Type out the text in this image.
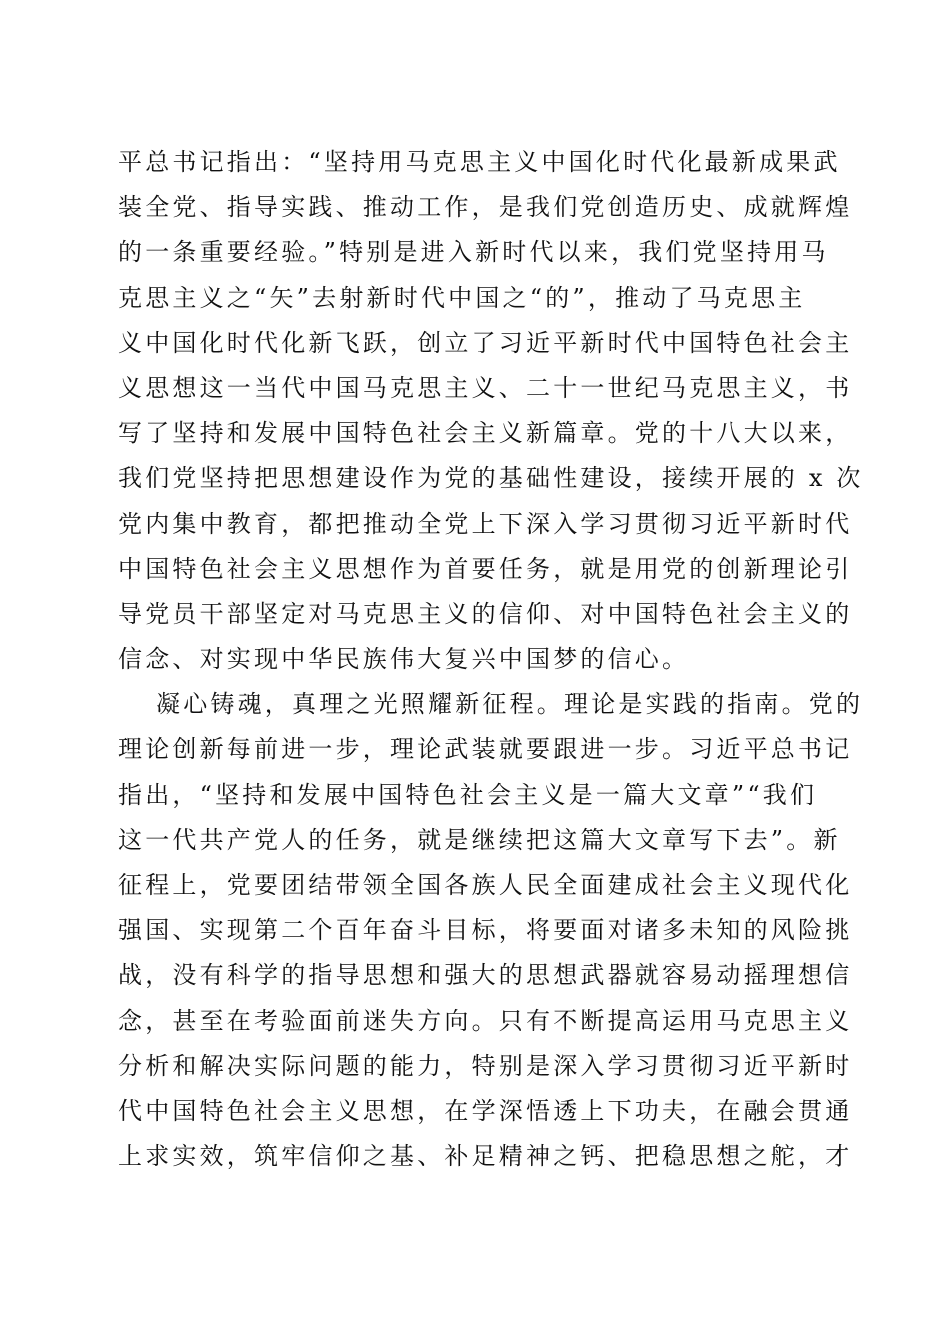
平总书记指出：“坚持用马克思主义中国化时代化最新成果武
装全党、指导实践、推动工作，是我们党创造历史、成就辉煌
的一条重要经验。”特别是进入新时代以来，我们党坚持用马
克思主义之“矢”去射新时代中国之“的”，推动了马克思主
义中国化时代化新飞跃，创立了习近平新时代中国特色社会主
义思想这一当代中国马克思主义、二十一世纪马克思主义，书
写了坚持和发展中国特色社会主义新篇章。党的十八大以来，
我们党坚持把思想建设作为党的基础性建设，接续开展的 x 次
党内集中教育，都把推动全党上下深入学习贯彻习近平新时代
中国特色社会主义思想作为首要任务，就是用党的创新理论引
导党员干部坚定对马克思主义的信仰、对中国特色社会主义的
信念、对实现中华民族伟大复兴中国梦的信心。
凝心铸魂，真理之光照耀新征程。理论是实践的指南。党的
理论创新每前进一步，理论武装就要跟进一步。习近平总书记
指出，“坚持和发展中国特色社会主义是一篇大文章”“我们
这一代共产党人的任务，就是继续把这篇大文章写下去”。新
征程上，党要团结带领全国各族人民全面建成社会主义现代化
强国、实现第二个百年奋斗目标，将要面对诸多未知的风险挑
战，没有科学的指导思想和强大的思想武器就容易动摇理想信
念，甚至在考验面前迷失方向。只有不断提高运用马克思主义
分析和解决实际问题的能力，特别是深入学习贯彻习近平新时
代中国特色社会主义思想，在学深悟透上下功夫，在融会贯通
上求实效，筑牢信仰之基、补足精神之钙、把稳思想之舵，才
